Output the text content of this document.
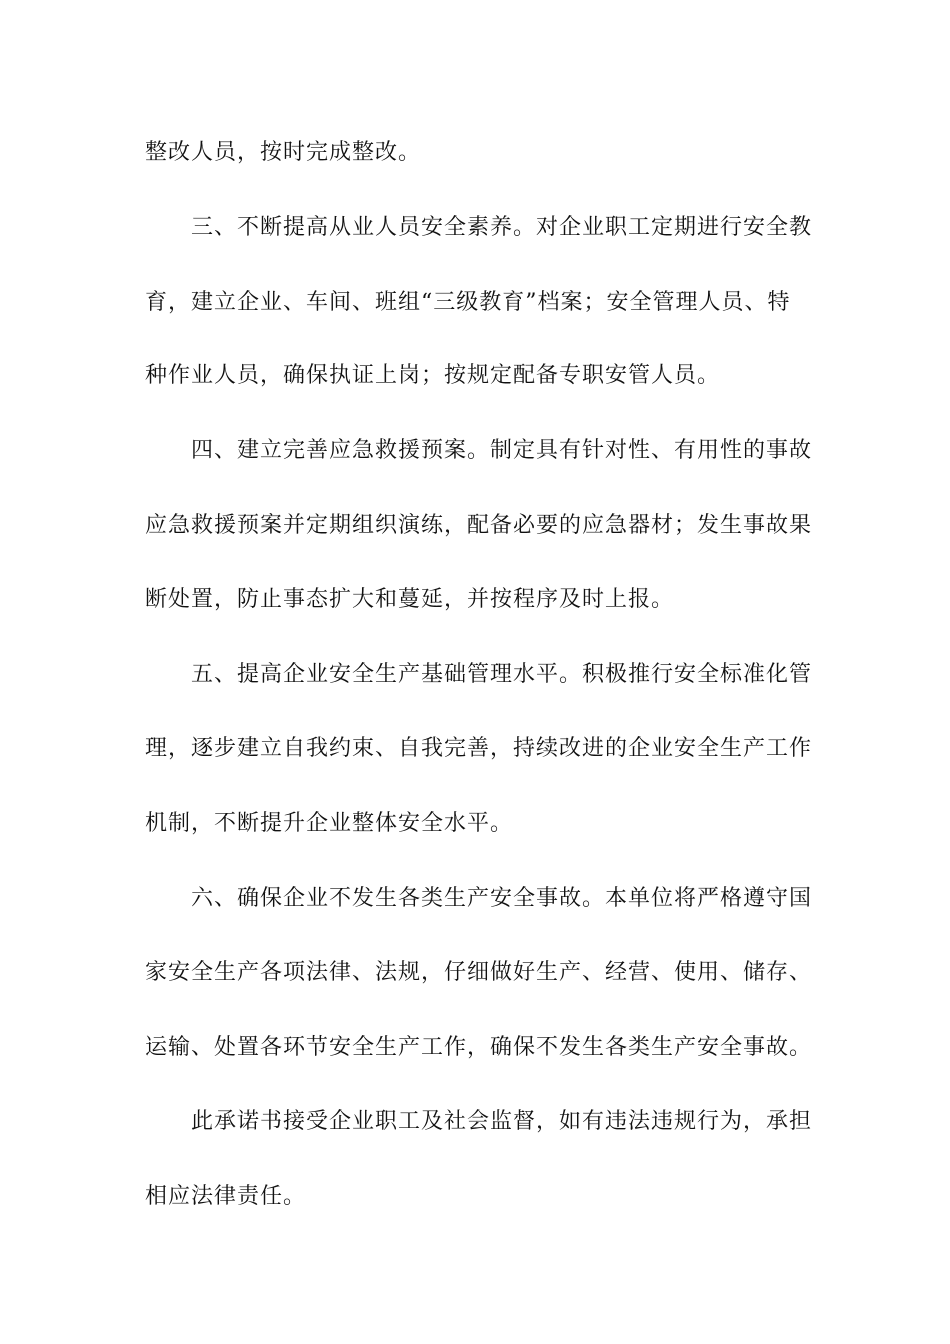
整改人员，按时完成整改。
三、不断提高从业人员安全素养。对企业职工定期进行安全教
育，建立企业、车间、班组“三级教育”档案；安全管理人员、特
种作业人员，确保执证上岗；按规定配备专职安管人员。
四、建立完善应急救援预案。制定具有针对性、有用性的事故
应急救援预案并定期组织演练，配备必要的应急器材；发生事故果
断处置，防止事态扩大和蔓延，并按程序及时上报。
五、提高企业安全生产基础管理水平。积极推行安全标准化管
理，逐步建立自我约束、自我完善，持续改进的企业安全生产工作
机制，不断提升企业整体安全水平。
六、确保企业不发生各类生产安全事故。本单位将严格遵守国
家安全生产各项法律、法规，仔细做好生产、经营、使用、储存、
运输、处置各环节安全生产工作，确保不发生各类生产安全事故。
此承诺书接受企业职工及社会监督，如有违法违规行为，承担
相应法律责任。
